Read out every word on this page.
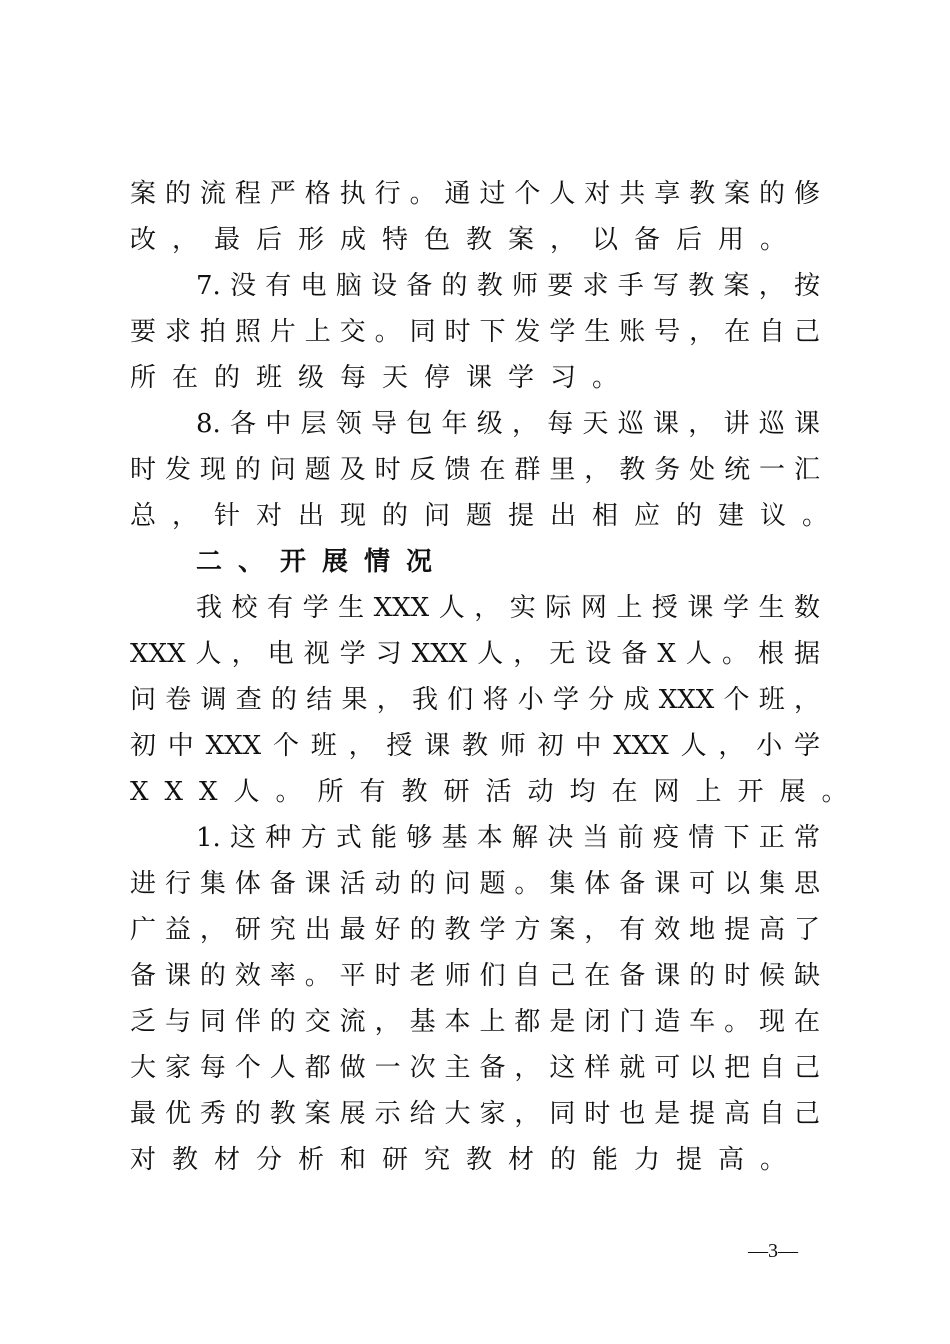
案的流程严格执行。通过个人对共享教案的修
改，最后形成特色教案，以备后用。
7.没有电脑设备的教师要求手写教案，按
要求拍照片上交。同时下发学生账号，在自己
所在的班级每天停课学习。
8.各中层领导包年级，每天巡课，讲巡课
时发现的问题及时反馈在群里，教务处统一汇
总，针对出现的问题提出相应的建议。
二、开展情况
我校有学生XXX人，实际网上授课学生数
XXX人，电视学习XXX人，无设备X人。根据
问卷调查的结果，我们将小学分成XXX个班，
初中XXX个班，授课教师初中XXX人，小学
XXX人。所有教研活动均在网上开展。
1.这种方式能够基本解决当前疫情下正常
进行集体备课活动的问题。集体备课可以集思
广益，研究出最好的教学方案，有效地提高了
备课的效率。平时老师们自己在备课的时候缺
乏与同伴的交流，基本上都是闭门造车。现在
大家每个人都做一次主备，这样就可以把自己
最优秀的教案展示给大家，同时也是提高自己
对教材分析和研究教材的能力提高。
—3—
